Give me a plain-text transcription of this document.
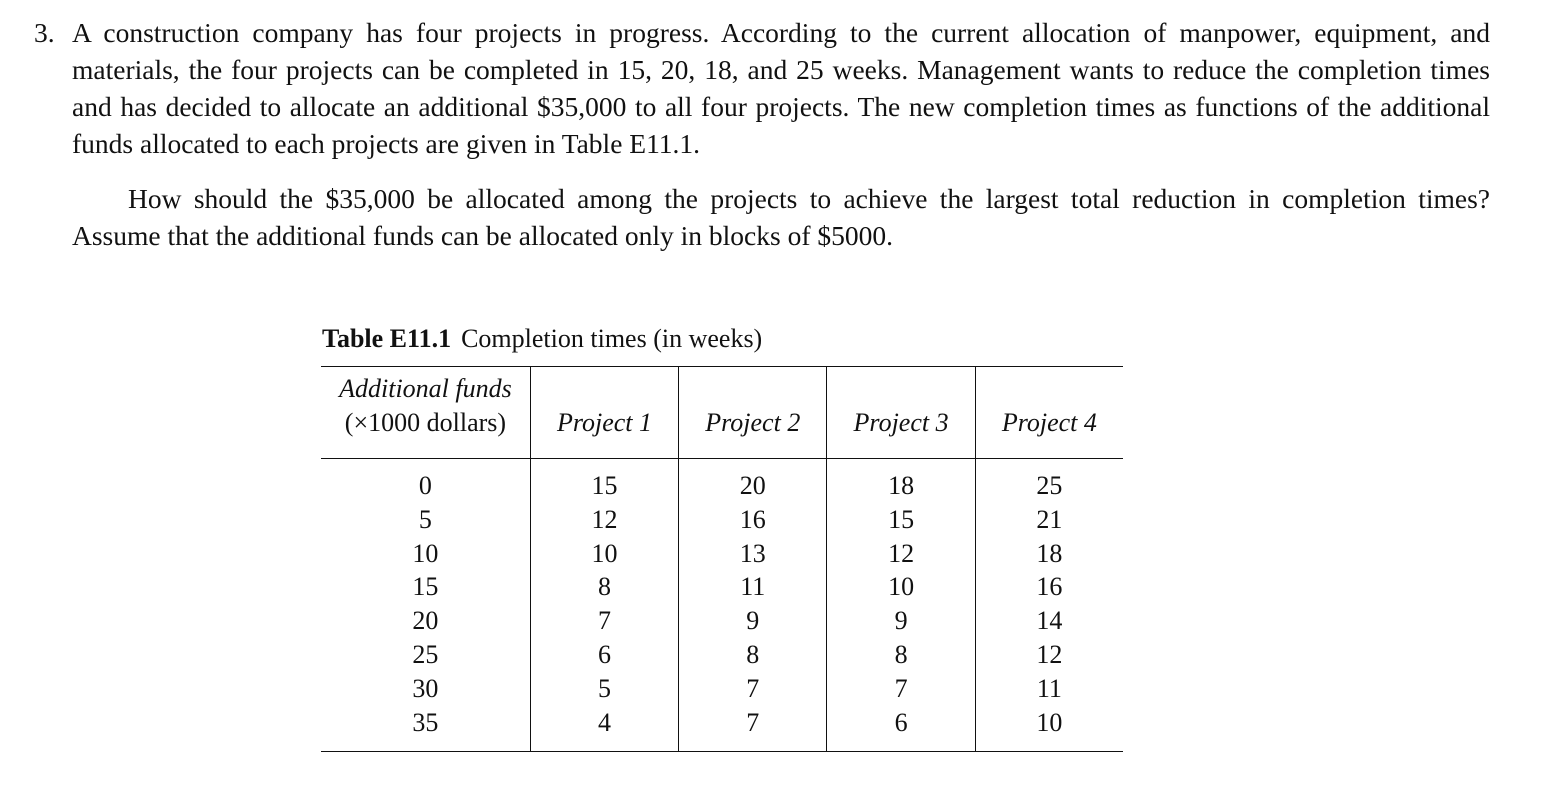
3. A construction company has four projects in progress. According to the current allocation of manpower, equipment, and materials, the four projects can be completed in 15, 20, 18, and 25 weeks. Management wants to reduce the completion times and has decided to allocate an additional $35,000 to all four projects. The new completion times as functions of the additional funds allocated to each projects are given in Table E11.1.
How should the $35,000 be allocated among the projects to achieve the largest total reduction in completion times? Assume that the additional funds can be allocated only in blocks of $5000.
Table E11.1 Completion times (in weeks)
Additional funds
(×1000 dollars)	Project 1	Project 2	Project 3	Project 4
0	15	20	18	25
5	12	16	15	21
10	10	13	12	18
15	8	11	10	16
20	7	9	9	14
25	6	8	8	12
30	5	7	7	11
35	4	7	6	10
